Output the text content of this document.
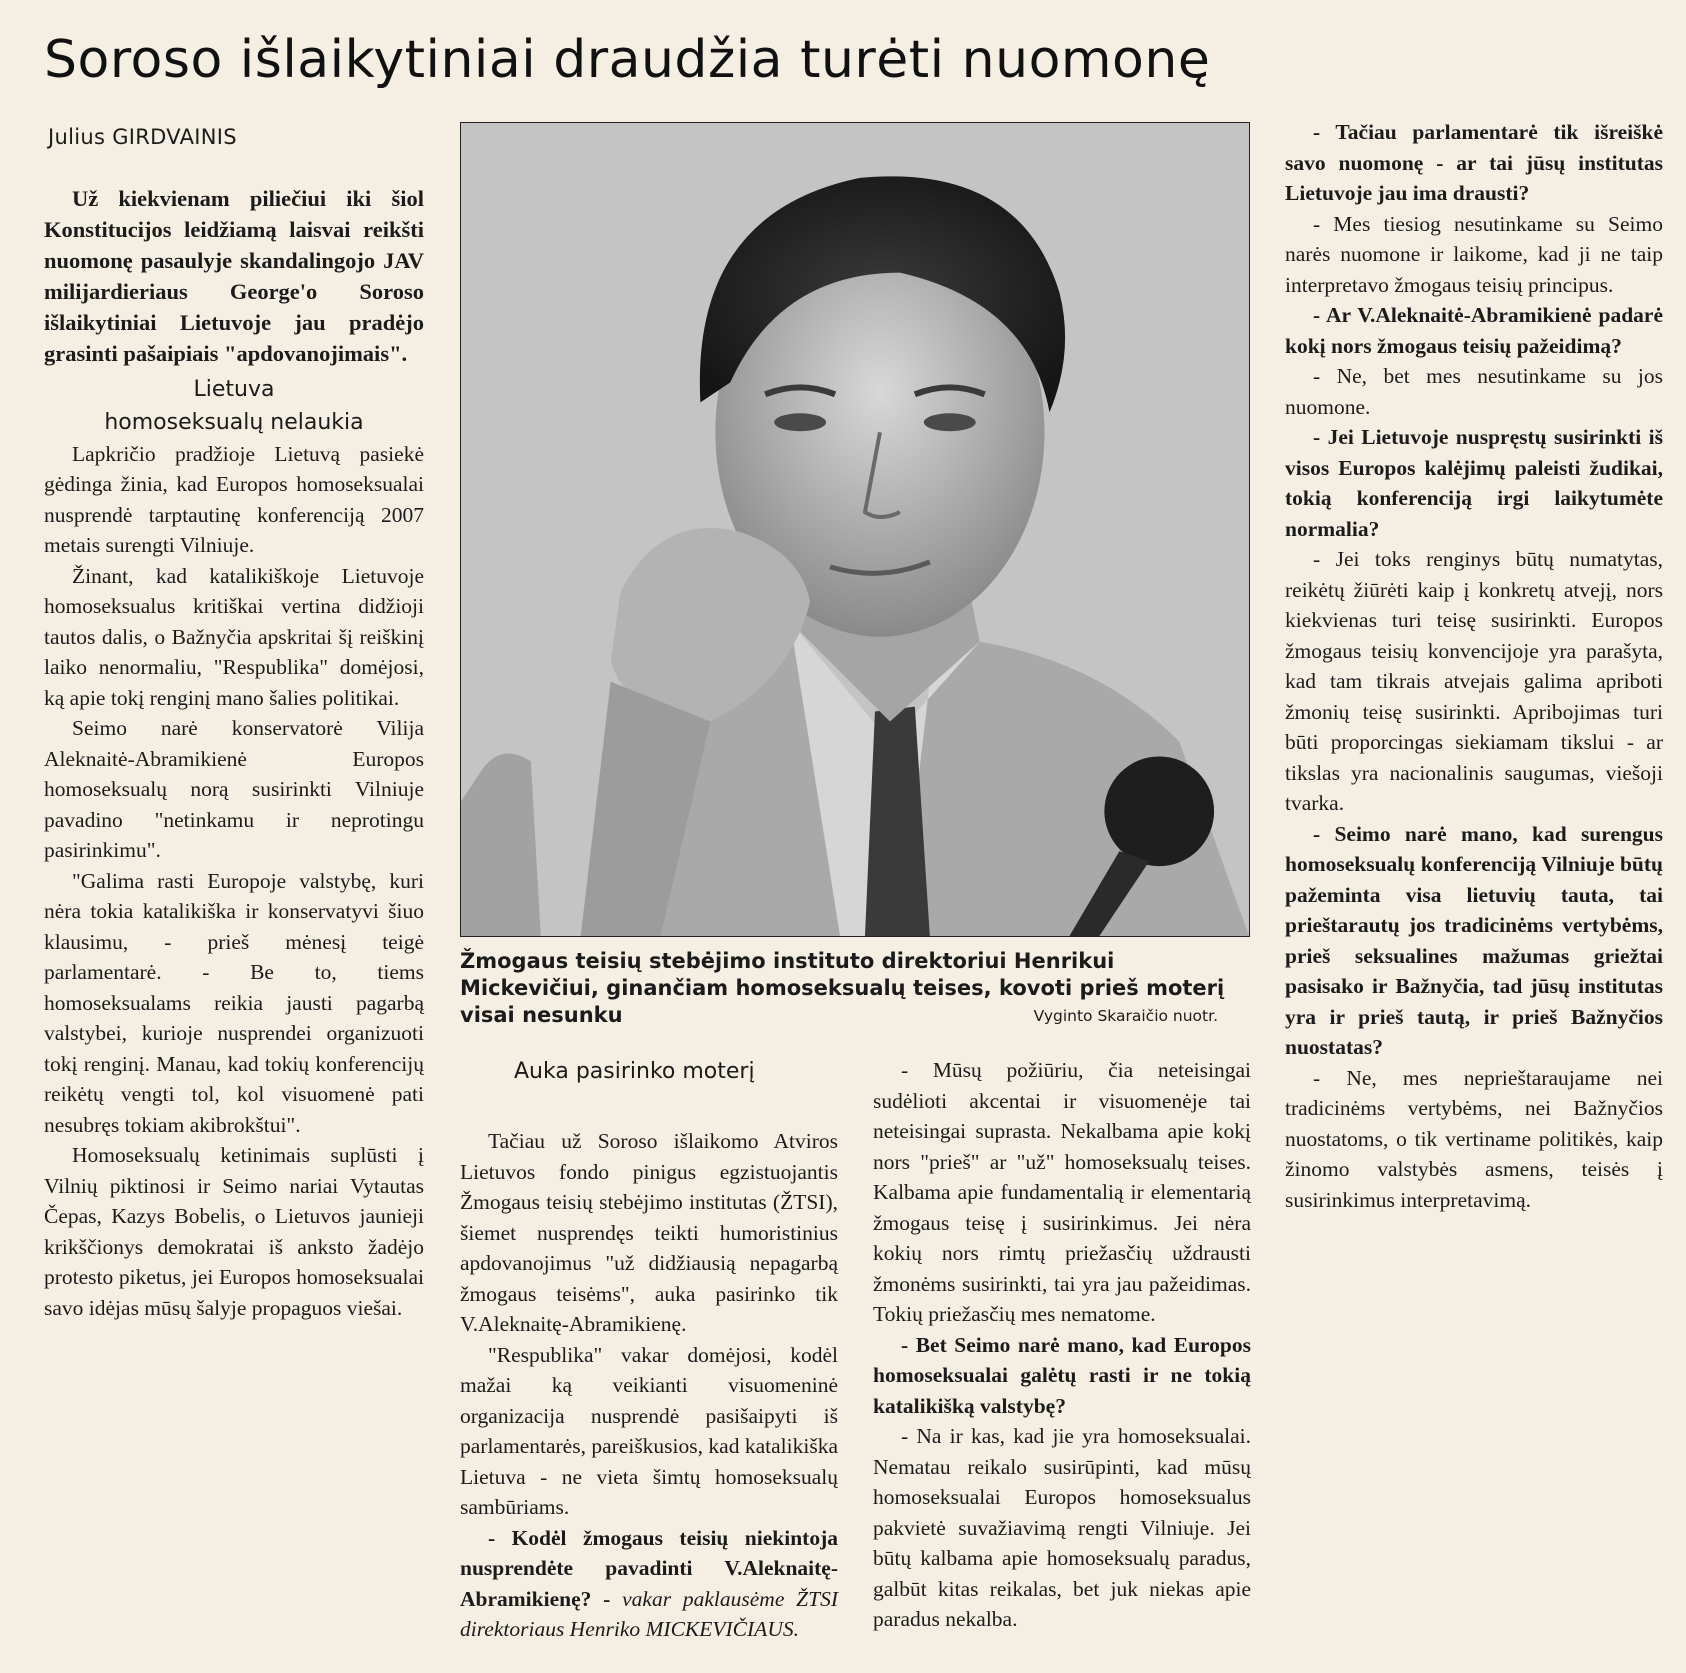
Soroso išlaikytiniai draudžia turėti nuomonę
Julius GIRDVAINIS

Už kiekvienam piliečiui iki šiol Konstitucijos leidžiamą laisvai reikšti nuomonę pasaulyje skandalingojo JAV milijardieriaus George'o Soroso išlaikytiniai Lietuvoje jau pradėjo grasinti pašaipiais "apdovanojimais".

Lietuva
homoseksualų nelaukia

Lapkričio pradžioje Lietuvą pasiekė gėdinga žinia, kad Europos homoseksualai nusprendė tarptautinę konferenciją 2007 metais surengti Vilniuje.

Žinant, kad katalikiškoje Lietuvoje homoseksualus kritiškai vertina didžioji tautos dalis, o Bažnyčia apskritai šį reiškinį laiko nenormaliu, "Respublika" domėjosi, ką apie tokį renginį mano šalies politikai.

Seimo narė konservatorė Vilija Aleknaitė-Abramikienė Europos homoseksualų norą susirinkti Vilniuje pavadino "netinkamu ir neprotingu pasirinkimu".

"Galima rasti Europoje valstybę, kuri nėra tokia katalikiška ir konservatyvi šiuo klausimu, - prieš mėnesį teigė parlamentarė. - Be to, tiems homoseksualams reikia jausti pagarbą valstybei, kurioje nusprendei organizuoti tokį renginį. Manau, kad tokių konferencijų reikėtų vengti tol, kol visuomenė pati nesubręs tokiam akibrokštui".

Homoseksualų ketinimais suplūsti į Vilnių piktinosi ir Seimo nariai Vytautas Čepas, Kazys Bobelis, o Lietuvos jaunieji krikščionys demokratai iš anksto žadėjo protesto piketus, jei Europos homoseksualai savo idėjas mūsų šalyje propaguos viešai.

Žmogaus teisių stebėjimo instituto direktoriui Henrikui Mickevičiui, ginančiam homoseksualų teises, kovoti prieš moterį visai nesunku	Vyginto Skaraičio nuotr.

Auka pasirinko moterį

Tačiau už Soroso išlaikomo Atviros Lietuvos fondo pinigus egzistuojantis Žmogaus teisių stebėjimo institutas (ŽTSI), šiemet nusprendęs teikti humoristinius apdovanojimus "už didžiausią nepagarbą žmogaus teisėms", auka pasirinko tik V.Aleknaitę-Abramikienę.

"Respublika" vakar domėjosi, kodėl mažai ką veikianti visuomeninė organizacija nusprendė pasišaipyti iš parlamentarės, pareiškusios, kad katalikiška Lietuva - ne vieta šimtų homoseksualų sambūriams.

- Kodėl žmogaus teisių niekintoja nusprendėte pavadinti V.Aleknaitę- Abramikienę? - vakar paklausėme ŽTSI direktoriaus Henriko MICKEVIČIAUS.

- Mūsų požiūriu, čia neteisingai sudėlioti akcentai ir visuomenėje tai neteisingai suprasta. Nekalbama apie kokį nors "prieš" ar "už" homoseksualų teises. Kalbama apie fundamentalią ir elementarią žmogaus teisę į susirinkimus. Jei nėra kokių nors rimtų priežasčių uždrausti žmonėms susirinkti, tai yra jau pažeidimas. Tokių priežasčių mes nematome.

- Bet Seimo narė mano, kad Europos homoseksualai galėtų rasti ir ne tokią katalikišką valstybę?

- Na ir kas, kad jie yra homoseksualai. Nematau reikalo susirūpinti, kad mūsų homoseksualai Europos homoseksualus pakvietė suvažiavimą rengti Vilniuje. Jei būtų kalbama apie homoseksualų paradus, galbūt kitas reikalas, bet juk niekas apie paradus nekalba.

- Tačiau parlamentarė tik išreiškė savo nuomonę - ar tai jūsų institutas Lietuvoje jau ima drausti?

- Mes tiesiog nesutinkame su Seimo narės nuomone ir laikome, kad ji ne taip interpretavo žmogaus teisių principus.

- Ar V.Aleknaitė-Abramikienė padarė kokį nors žmogaus teisių pažeidimą?

- Ne, bet mes nesutinkame su jos nuomone.

- Jei Lietuvoje nuspręstų susirinkti iš visos Europos kalėjimų paleisti žudikai, tokią konferenciją irgi laikytumėte normalia?

- Jei toks renginys būtų numatytas, reikėtų žiūrėti kaip į konkretų atvejį, nors kiekvienas turi teisę susirinkti. Europos žmogaus teisių konvencijoje yra parašyta, kad tam tikrais atvejais galima apriboti žmonių teisę susirinkti. Apribojimas turi būti proporcingas siekiamam tikslui - ar tikslas yra nacionalinis saugumas, viešoji tvarka.

- Seimo narė mano, kad surengus homoseksualų konferenciją Vilniuje būtų pažeminta visa lietuvių tauta, tai prieštarautų jos tradicinėms vertybėms, prieš seksualines mažumas griežtai pasisako ir Bažnyčia, tad jūsų institutas yra ir prieš tautą, ir prieš Bažnyčios nuostatas?

- Ne, mes neprieštaraujame nei tradicinėms vertybėms, nei Bažnyčios nuostatoms, o tik vertiname politikės, kaip žinomo valstybės asmens, teisės į susirinkimus interpretavimą.
